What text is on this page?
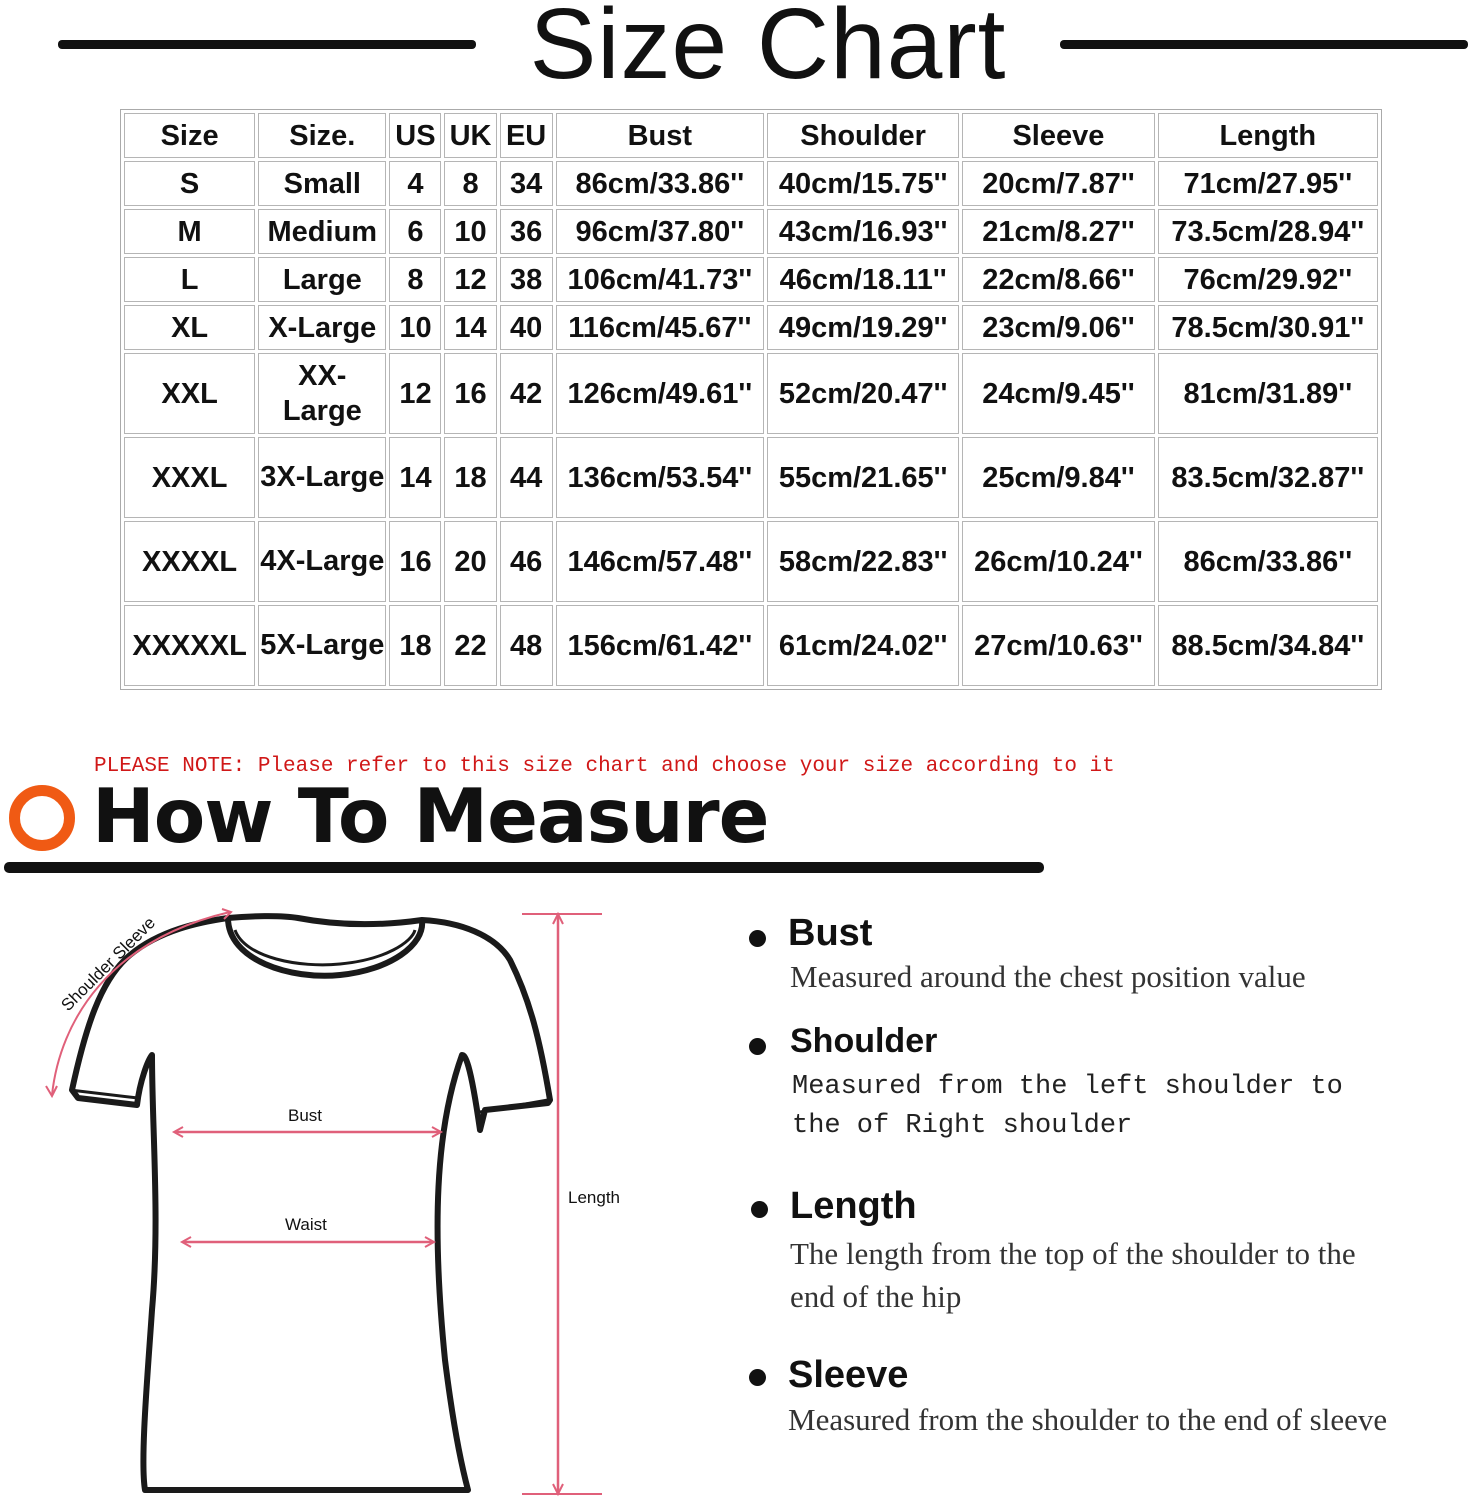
Size Chart
Size	Size.	US	UK	EU	Bust	Shoulder	Sleeve	Length
S	Small	4	8	34	86cm/33.86''	40cm/15.75''	20cm/7.87''	71cm/27.95''
M	Medium	6	10	36	96cm/37.80''	43cm/16.93''	21cm/8.27''	73.5cm/28.94''
L	Large	8	12	38	106cm/41.73''	46cm/18.11''	22cm/8.66''	76cm/29.92''
XL	X-Large	10	14	40	116cm/45.67''	49cm/19.29''	23cm/9.06''	78.5cm/30.91''
XXL	XX-Large	12	16	42	126cm/49.61''	52cm/20.47''	24cm/9.45''	81cm/31.89''
XXXL	3X-Large	14	18	44	136cm/53.54''	55cm/21.65''	25cm/9.84''	83.5cm/32.87''
XXXXL	4X-Large	16	20	46	146cm/57.48''	58cm/22.83''	26cm/10.24''	86cm/33.86''
XXXXXL	5X-Large	18	22	48	156cm/61.42''	61cm/24.02''	27cm/10.63''	88.5cm/34.84''
PLEASE NOTE: Please refer to this size chart and choose your size according to it
How To Measure
Shoulder Sleeve
Bust
Waist
Length
Bust
Measured around the chest position value
Shoulder
Measured from the left shoulder to the of Right shoulder
Length
The length from the top of the shoulder to the end of the hip
Sleeve
Measured from the shoulder to the end of sleeve
